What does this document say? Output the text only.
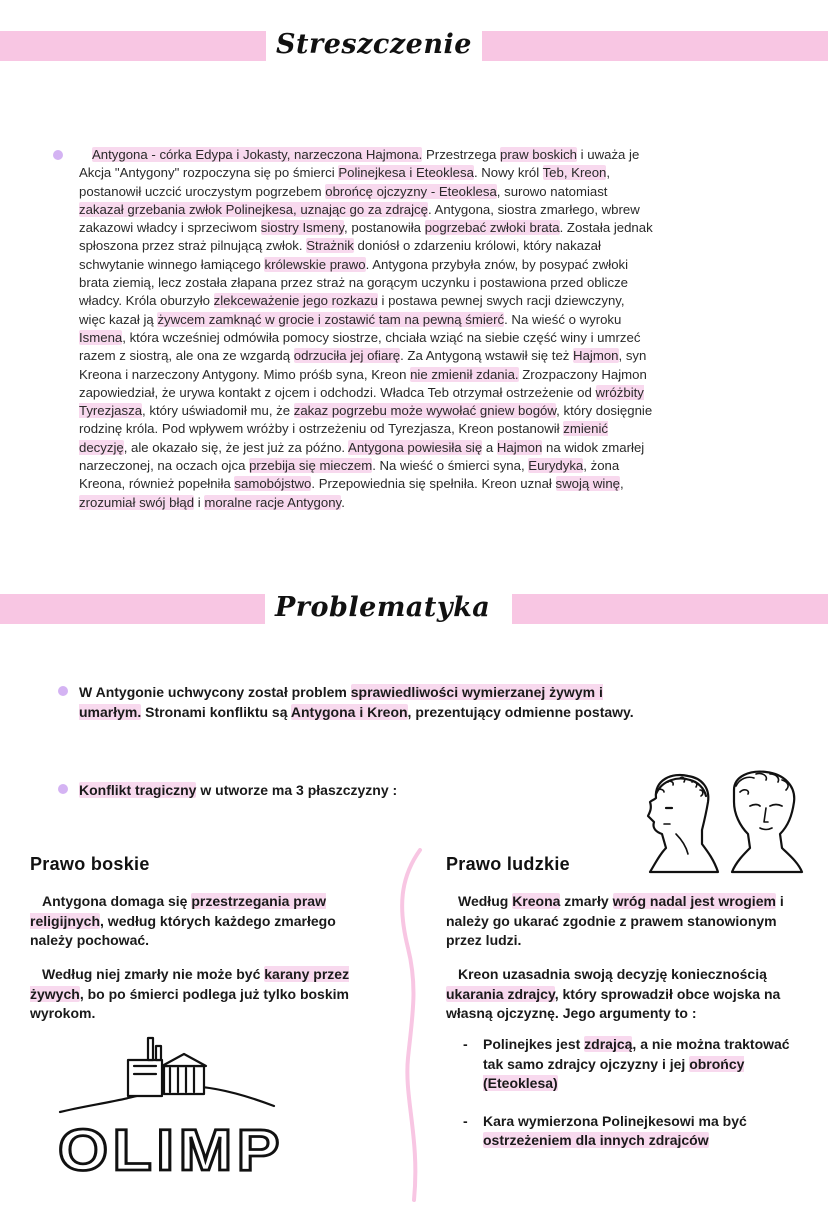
Streszczenie

Antygona - córka Edypa i Jokasty, narzeczona Hajmona. Przestrzega praw boskich i uważa je Akcja "Antygony" rozpoczyna się po śmierci Polinejkesa i Eteoklesa. Nowy król Teb, Kreon, postanowił uczcić uroczystym pogrzebem obrońcę ojczyzny - Eteoklesa, surowo natomiast zakazał grzebania zwłok Polinejkesa, uznając go za zdrajcę. Antygona, siostra zmarłego, wbrew zakazowi władcy i sprzeciwom siostry Ismeny, postanowiła pogrzebać zwłoki brata. Została jednak spłoszona przez straż pilnującą zwłok. Strażnik doniósł o zdarzeniu królowi, który nakazał schwytanie winnego łamiącego królewskie prawo. Antygona przybyła znów, by posypać zwłoki brata ziemią, lecz została złapana przez straż na gorącym uczynku i postawiona przed oblicze władcy. Króla oburzyło zlekceważenie jego rozkazu i postawa pewnej swych racji dziewczyny, więc kazał ją żywcem zamknąć w grocie i zostawić tam na pewną śmierć. Na wieść o wyroku Ismena, która wcześniej odmówiła pomocy siostrze, chciała wziąć na siebie część winy i umrzeć razem z siostrą, ale ona ze wzgardą odrzuciła jej ofiarę. Za Antygoną wstawił się też Hajmon, syn Kreona i narzeczony Antygony. Mimo próśb syna, Kreon nie zmienił zdania. Zrozpaczony Hajmon zapowiedział, że urywa kontakt z ojcem i odchodzi. Władca Teb otrzymał ostrzeżenie od wróżbity Tyrezjasza, który uświadomił mu, że zakaz pogrzebu może wywołać gniew bogów, który dosięgnie rodzinę króla. Pod wpływem wróżby i ostrzeżeniu od Tyrezjasza, Kreon postanowił zmienić decyzję, ale okazało się, że jest już za późno. Antygona powiesiła się a Hajmon na widok zmarłej narzeczonej, na oczach ojca przebija się mieczem. Na wieść o śmierci syna, Eurydyka, żona Kreona, również popełniła samobójstwo. Przepowiednia się spełniła. Kreon uznał swoją winę, zrozumiał swój błąd i moralne racje Antygony.

Problematyka

W Antygonie uchwycony został problem sprawiedliwości wymierzanej żywym i umarłym. Stronami konfliktu są Antygona i Kreon, prezentujący odmienne postawy.

Konflikt tragiczny w utworze ma 3 płaszczyzny :

Prawo boskie

Antygona domaga się przestrzegania praw religijnych, według których każdego zmarłego należy pochować.

Według niej zmarły nie może być karany przez żywych, bo po śmierci podlega już tylko boskim wyrokom.

OLIMP
Prawo ludzkie

Według Kreona zmarły wróg nadal jest wrogiem i należy go ukarać zgodnie z prawem stanowionym przez ludzi.

Kreon uzasadnia swoją decyzję koniecznością ukarania zdrajcy, który sprowadził obce wojska na własną ojczyznę. Jego argumenty to :

- Polinejkes jest zdrajcą, a nie można traktować tak samo zdrajcy ojczyzny i jej obrońcy (Eteoklesa)
- Kara wymierzona Polinejkesowi ma być ostrzeżeniem dla innych zdrajców
